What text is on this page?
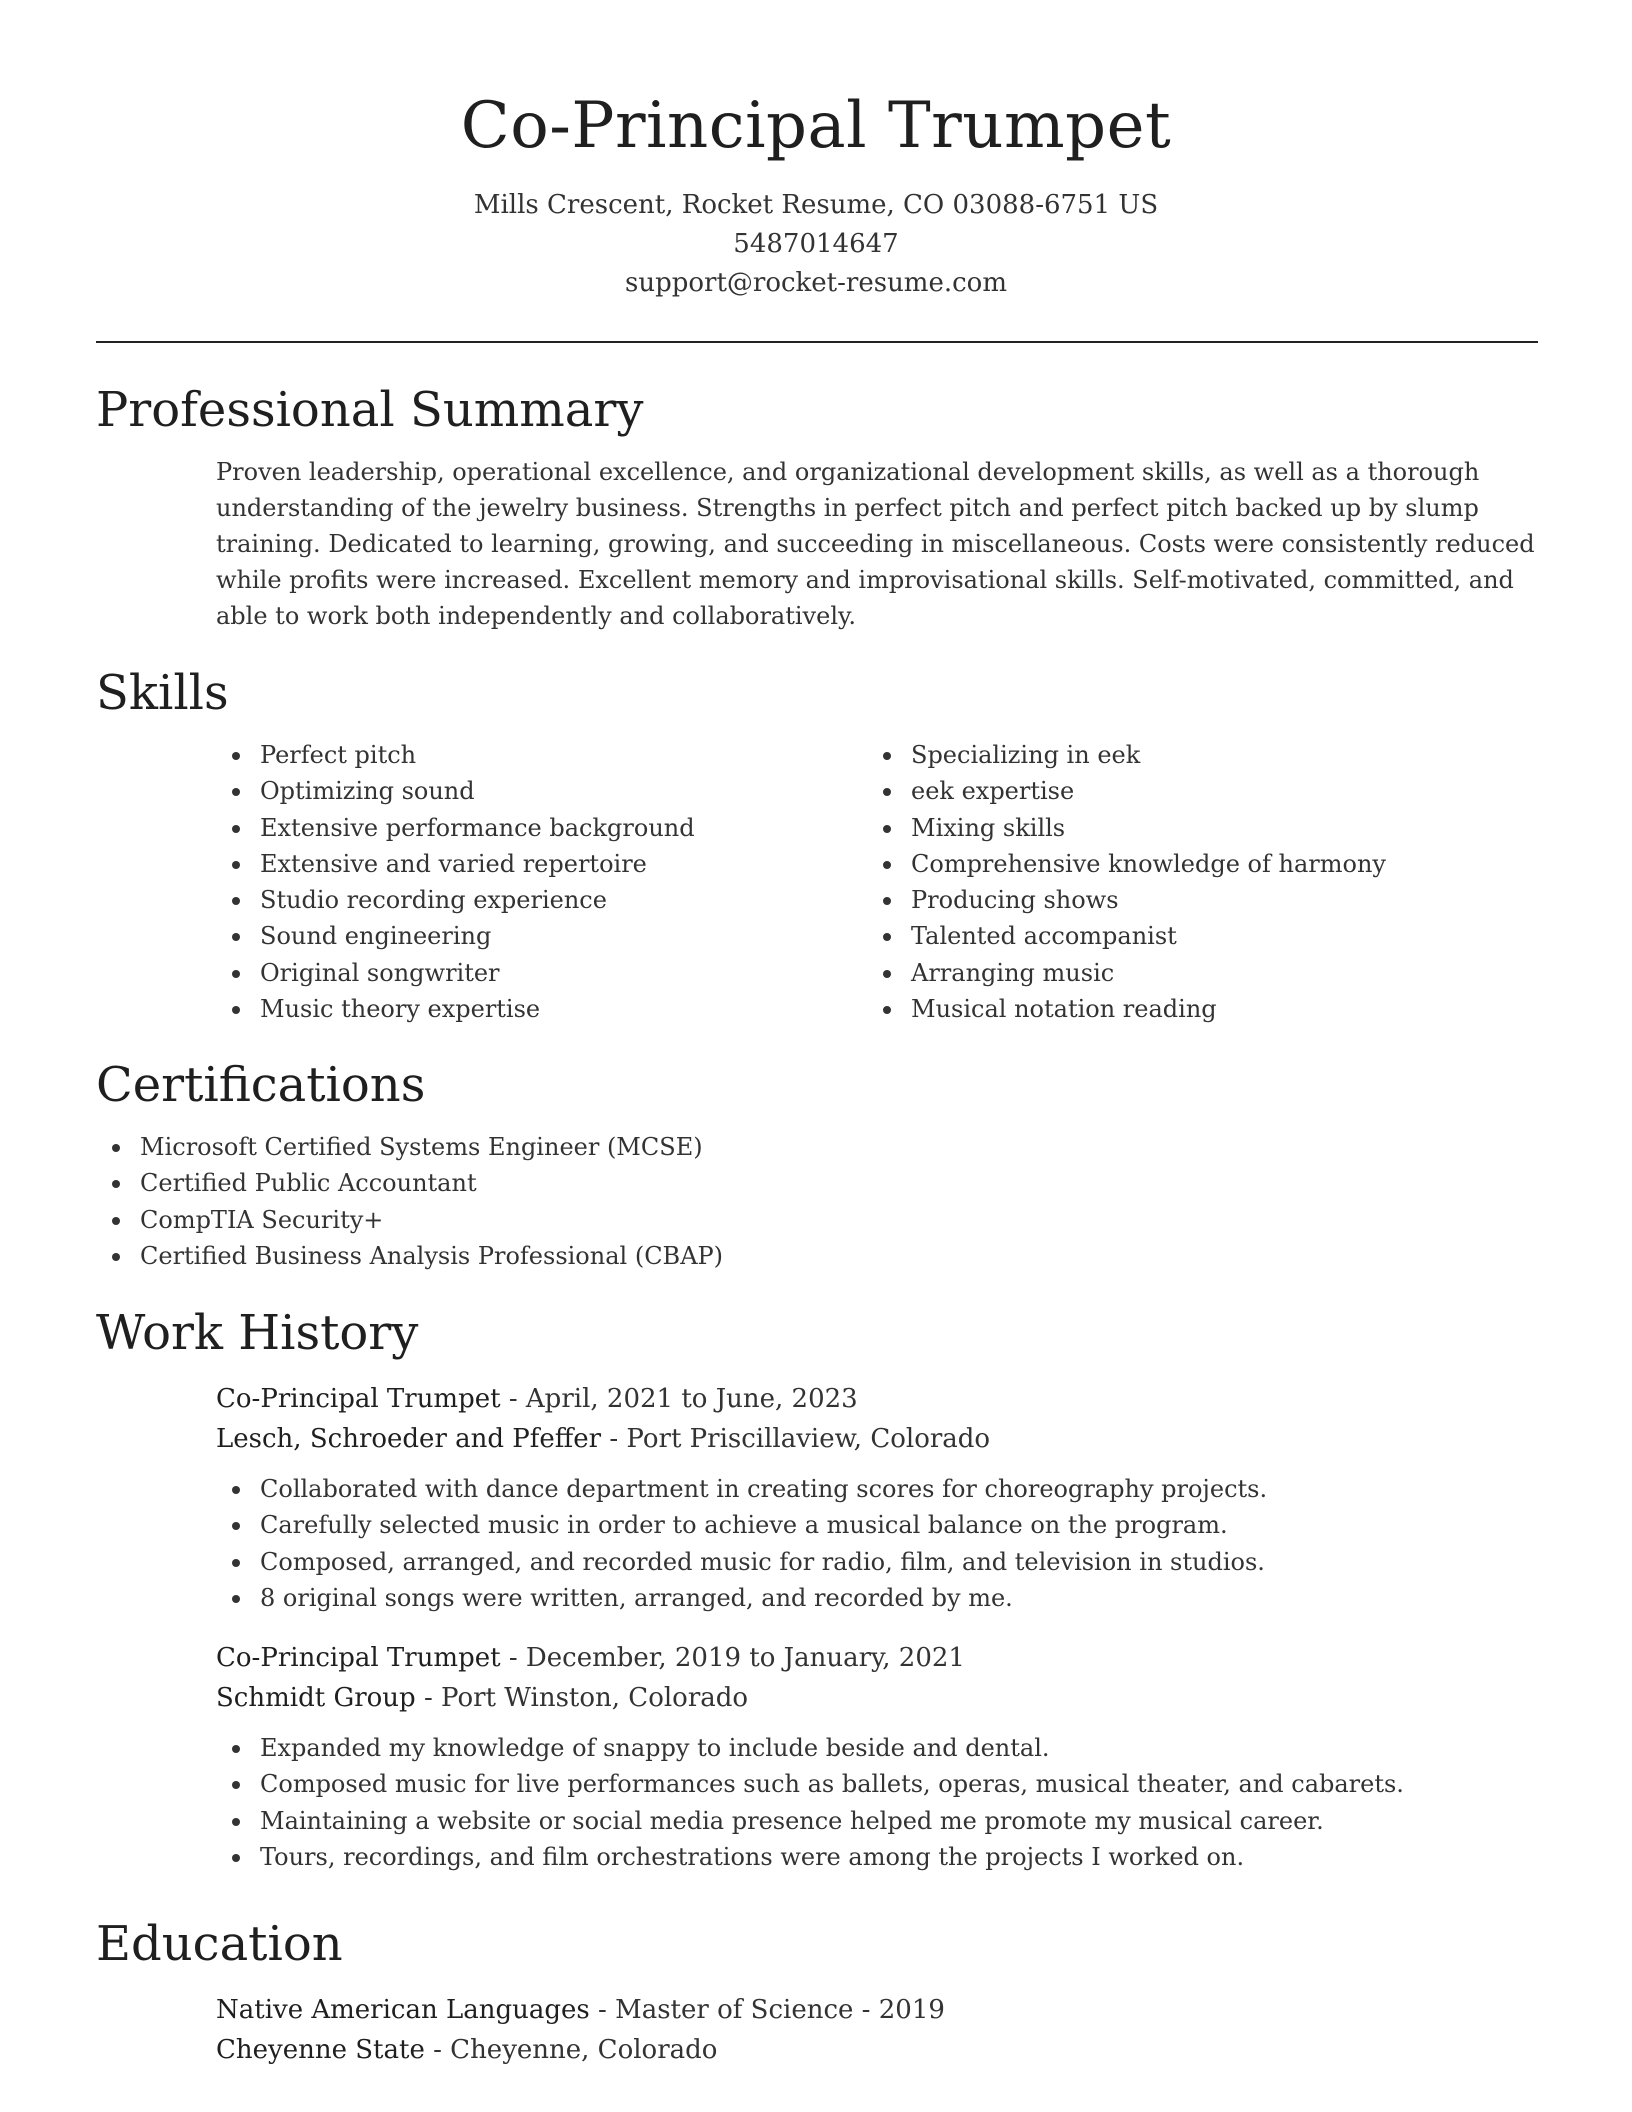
Co-Principal Trumpet
Mills Crescent, Rocket Resume, CO 03088-6751 US
5487014647
support@rocket-resume.com
Professional Summary
Proven leadership, operational excellence, and organizational development skills, as well as a thorough understanding of the jewelry business. Strengths in perfect pitch and perfect pitch backed up by slump training. Dedicated to learning, growing, and succeeding in miscellaneous. Costs were consistently reduced while profits were increased. Excellent memory and improvisational skills. Self-motivated, committed, and able to work both independently and collaboratively.
Skills
Perfect pitch
Optimizing sound
Extensive performance background
Extensive and varied repertoire
Studio recording experience
Sound engineering
Original songwriter
Music theory expertise
Specializing in eek
eek expertise
Mixing skills
Comprehensive knowledge of harmony
Producing shows
Talented accompanist
Arranging music
Musical notation reading
Certifications
Microsoft Certified Systems Engineer (MCSE)
Certified Public Accountant
CompTIA Security+
Certified Business Analysis Professional (CBAP)
Work History
Co-Principal Trumpet - April, 2021 to June, 2023
Lesch, Schroeder and Pfeffer - Port Priscillaview, Colorado
Collaborated with dance department in creating scores for choreography projects.
Carefully selected music in order to achieve a musical balance on the program.
Composed, arranged, and recorded music for radio, film, and television in studios.
8 original songs were written, arranged, and recorded by me.
Co-Principal Trumpet - December, 2019 to January, 2021
Schmidt Group - Port Winston, Colorado
Expanded my knowledge of snappy to include beside and dental.
Composed music for live performances such as ballets, operas, musical theater, and cabarets.
Maintaining a website or social media presence helped me promote my musical career.
Tours, recordings, and film orchestrations were among the projects I worked on.
Education
Native American Languages - Master of Science - 2019
Cheyenne State - Cheyenne, Colorado
